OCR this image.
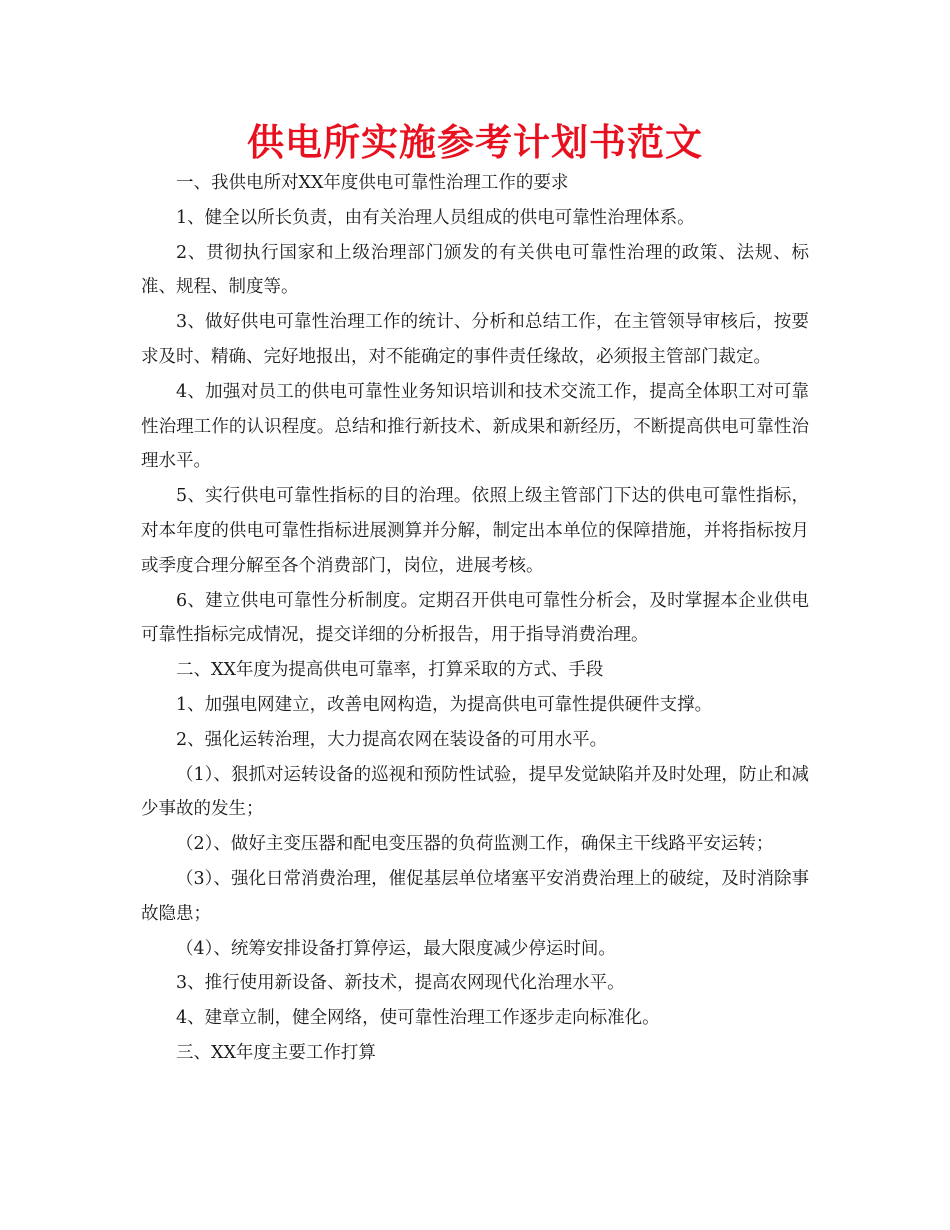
供电所实施参考计划书范文

一、我供电所对XX年度供电可靠性治理工作的要求

1、健全以所长负责，由有关治理人员组成的供电可靠性治理体系。

2、贯彻执行国家和上级治理部门颁发的有关供电可靠性治理的政策、法规、标准、规程、制度等。

3、做好供电可靠性治理工作的统计、分析和总结工作，在主管领导审核后，按要求及时、精确、完好地报出，对不能确定的事件责任缘故，必须报主管部门裁定。

4、加强对员工的供电可靠性业务知识培训和技术交流工作，提高全体职工对可靠性治理工作的认识程度。总结和推行新技术、新成果和新经历，不断提高供电可靠性治理水平。

5、实行供电可靠性指标的目的治理。依照上级主管部门下达的供电可靠性指标，对本年度的供电可靠性指标进展测算并分解，制定出本单位的保障措施，并将指标按月或季度合理分解至各个消费部门，岗位，进展考核。

6、建立供电可靠性分析制度。定期召开供电可靠性分析会，及时掌握本企业供电可靠性指标完成情况，提交详细的分析报告，用于指导消费治理。

二、XX年度为提高供电可靠率，打算采取的方式、手段

1、加强电网建立，改善电网构造，为提高供电可靠性提供硬件支撑。

2、强化运转治理，大力提高农网在装设备的可用水平。

（1）、狠抓对运转设备的巡视和预防性试验，提早发觉缺陷并及时处理，防止和减少事故的发生；

（2）、做好主变压器和配电变压器的负荷监测工作，确保主干线路平安运转；

（3）、强化日常消费治理，催促基层单位堵塞平安消费治理上的破绽，及时消除事故隐患；

（4）、统筹安排设备打算停运，最大限度减少停运时间。

3、推行使用新设备、新技术，提高农网现代化治理水平。

4、建章立制，健全网络，使可靠性治理工作逐步走向标准化。

三、XX年度主要工作打算
